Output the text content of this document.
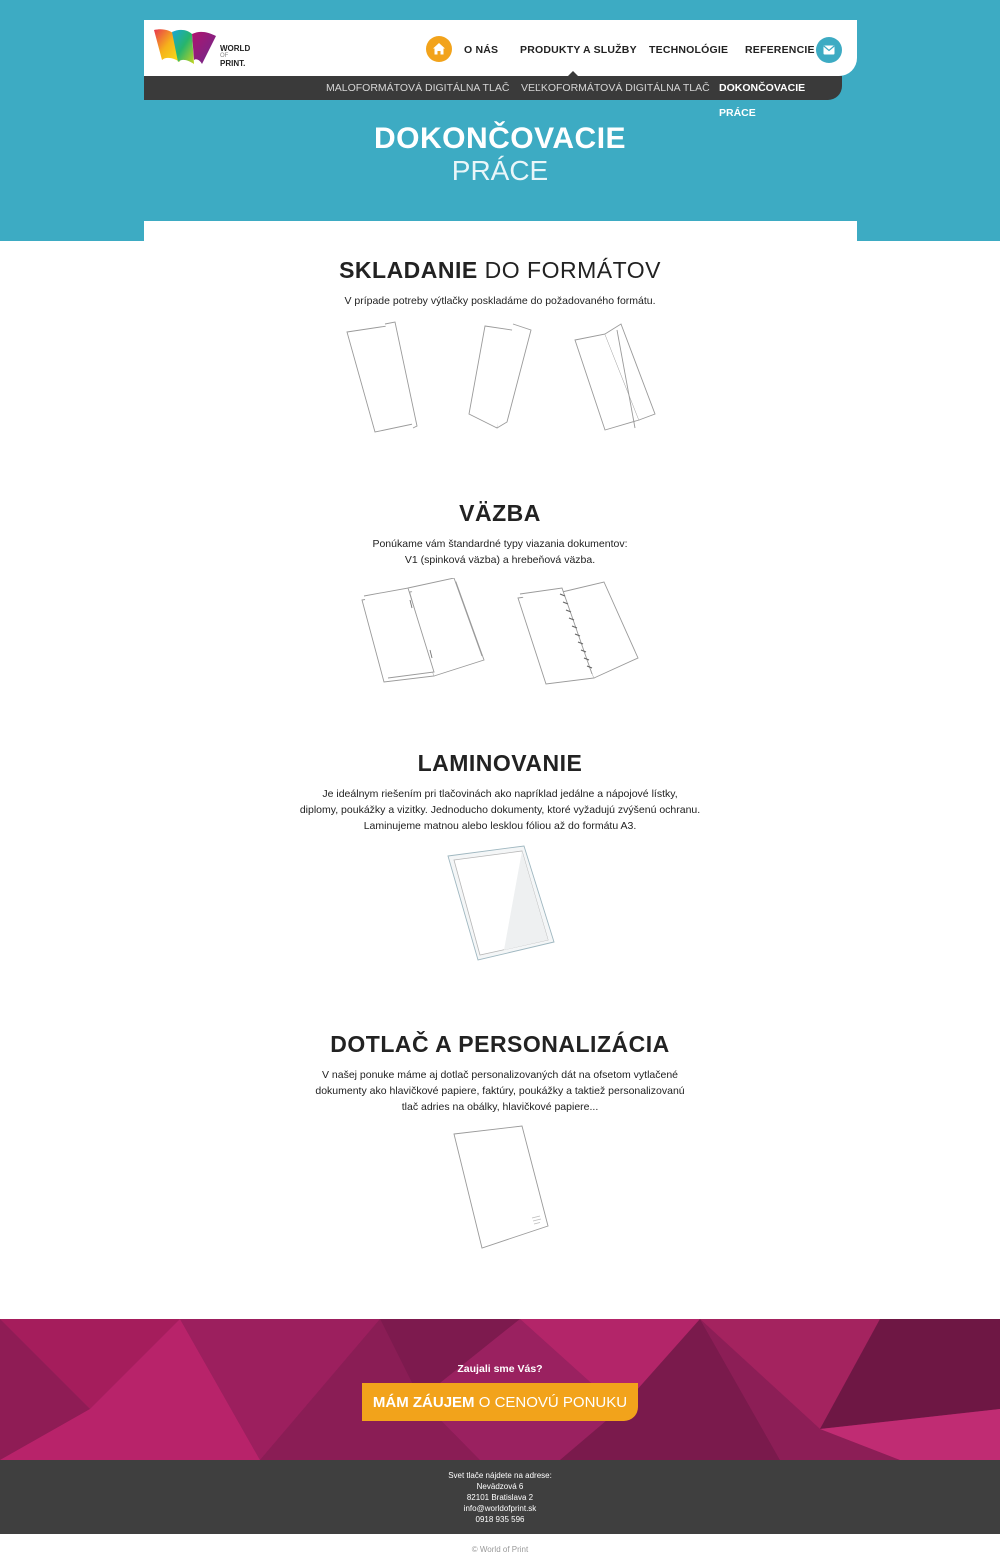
WORLD
OF
PRINT.
O NÁS PRODUKTY A SLUŽBY TECHNOLÓGIE REFERENCIE
MALOFORMÁTOVÁ DIGITÁLNA TLAČ VEĽKOFORMÁTOVÁ DIGITÁLNA TLAČ DOKONČOVACIE PRÁCE
DOKONČOVACIE
PRÁCE
SKLADANIE DO FORMÁTOV
V prípade potreby výtlačky poskladáme do požadovaného formátu.
VÄZBA
Ponúkame vám štandardné typy viazania dokumentov:
V1 (spinková väzba) a hrebeňová väzba.
LAMINOVANIE
Je ideálnym riešením pri tlačovinách ako napríklad jedálne a nápojové lístky,
diplomy, poukážky a vizitky. Jednoducho dokumenty, ktoré vyžadujú zvýšenú ochranu.
Laminujeme matnou alebo lesklou fóliou až do formátu A3.
DOTLAČ A PERSONALIZÁCIA
V našej ponuke máme aj dotlač personalizovaných dát na ofsetom vytlačené
dokumenty ako hlavičkové papiere, faktúry, poukážky a taktiež personalizovanú
tlač adries na obálky, hlavičkové papiere...
Zaujali sme Vás?
MÁM ZÁUJEM O CENOVÚ PONUKU
Svet tlače nájdete na adrese:
Nevädzová 6
82101 Bratislava 2
info@worldofprint.sk
0918 935 596
© World of Print
